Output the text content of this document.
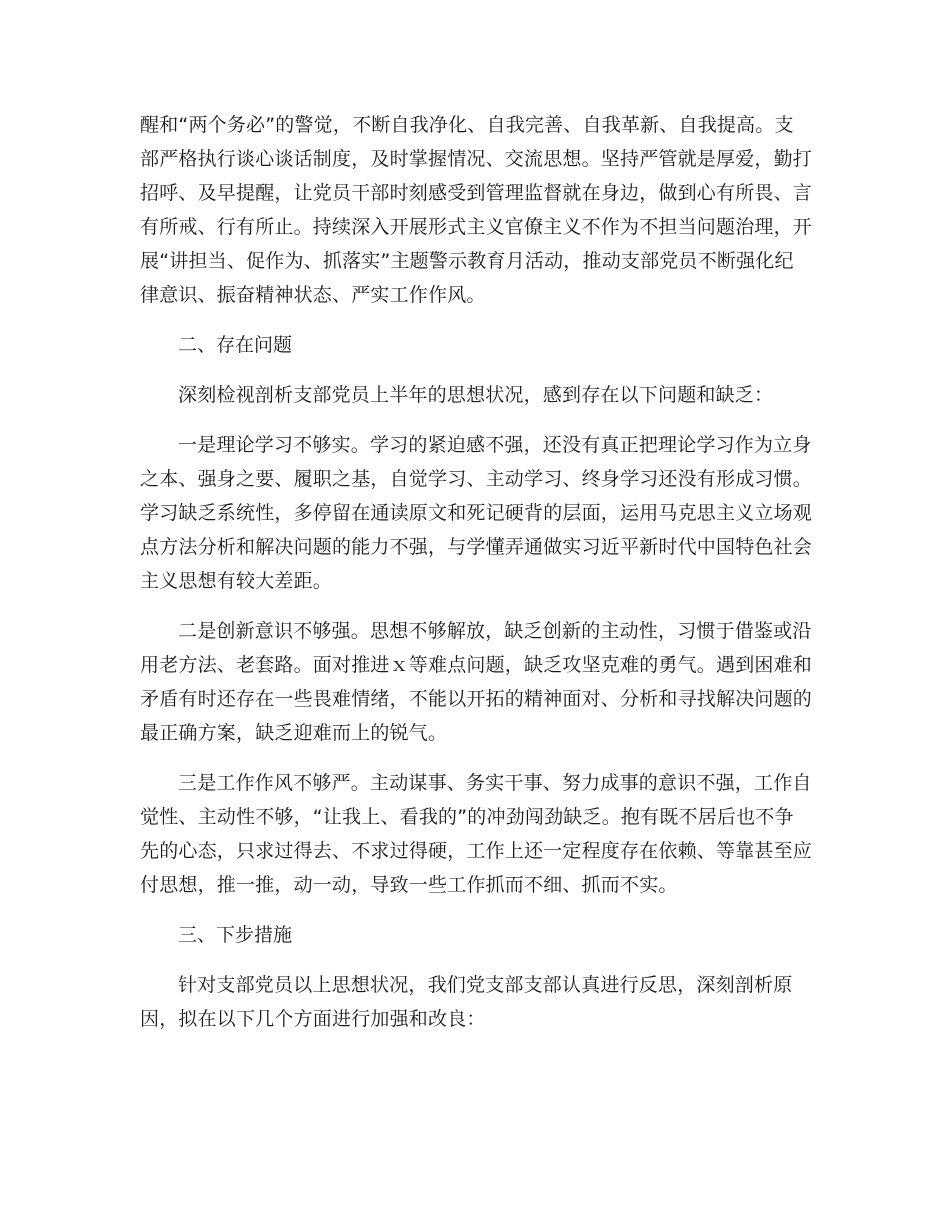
醒和“两个务必”的警觉，不断自我净化、自我完善、自我革新、自我提高。支部严格执行谈心谈话制度，及时掌握情况、交流思想。坚持严管就是厚爱，勤打招呼、及早提醒，让党员干部时刻感受到管理监督就在身边，做到心有所畏、言有所戒、行有所止。持续深入开展形式主义官僚主义不作为不担当问题治理，开展“讲担当、促作为、抓落实”主题警示教育月活动，推动支部党员不断强化纪律意识、振奋精神状态、严实工作作风。

二、存在问题

深刻检视剖析支部党员上半年的思想状况，感到存在以下问题和缺乏：

一是理论学习不够实。学习的紧迫感不强，还没有真正把理论学习作为立身之本、强身之要、履职之基，自觉学习、主动学习、终身学习还没有形成习惯。学习缺乏系统性，多停留在通读原文和死记硬背的层面，运用马克思主义立场观点方法分析和解决问题的能力不强，与学懂弄通做实习近平新时代中国特色社会主义思想有较大差距。

二是创新意识不够强。思想不够解放，缺乏创新的主动性，习惯于借鉴或沿用老方法、老套路。面对推进ｘ等难点问题，缺乏攻坚克难的勇气。遇到困难和矛盾有时还存在一些畏难情绪，不能以开拓的精神面对、分析和寻找解决问题的最正确方案，缺乏迎难而上的锐气。

三是工作作风不够严。主动谋事、务实干事、努力成事的意识不强，工作自觉性、主动性不够，“让我上、看我的”的冲劲闯劲缺乏。抱有既不居后也不争先的心态，只求过得去、不求过得硬，工作上还一定程度存在依赖、等靠甚至应付思想，推一推，动一动，导致一些工作抓而不细、抓而不实。

三、下步措施

针对支部党员以上思想状况，我们党支部支部认真进行反思，深刻剖析原因，拟在以下几个方面进行加强和改良：
